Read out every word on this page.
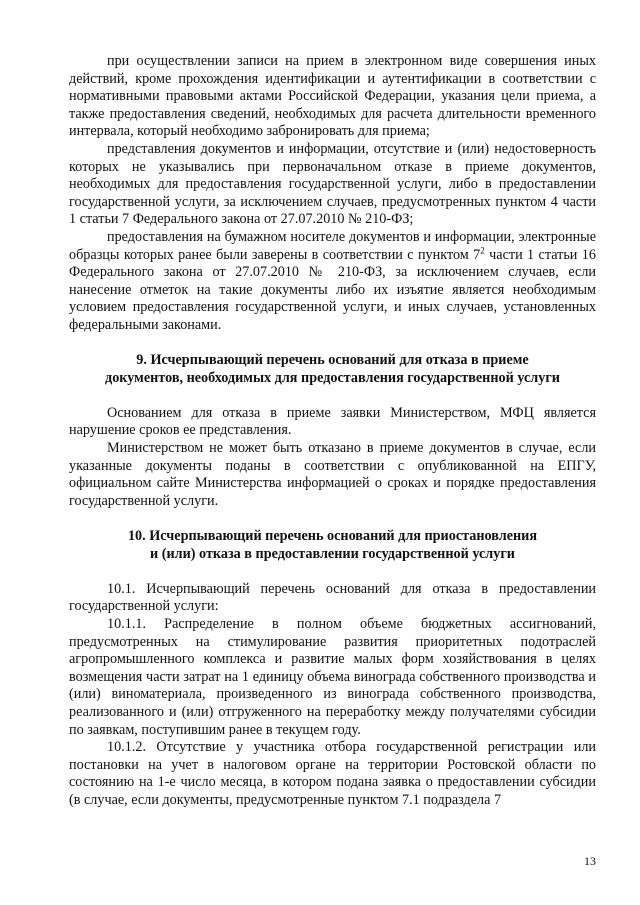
при осуществлении записи на прием в электронном виде совершения иных действий, кроме прохождения идентификации и аутентификации в соответствии с нормативными правовыми актами Российской Федерации, указания цели приема, а также предоставления сведений, необходимых для расчета длительности временного интервала, который необходимо забронировать для приема;

представления документов и информации, отсутствие и (или) недостоверность которых не указывались при первоначальном отказе в приеме документов, необходимых для предоставления государственной услуги, либо в предоставлении государственной услуги, за исключением случаев, предусмотренных пунктом 4 части 1 статьи 7 Федерального закона от 27.07.2010 № 210-ФЗ;

предоставления на бумажном носителе документов и информации, электронные образцы которых ранее были заверены в соответствии с пунктом $7^2$ части 1 статьи 16 Федерального закона от 27.07.2010 № 210-ФЗ, за исключением случаев, если нанесение отметок на такие документы либо их изъятие является необходимым условием предоставления государственной услуги, и иных случаев, установленных федеральными законами.

9. Исчерпывающий перечень оснований для отказа в приеме
документов, необходимых для предоставления государственной услуги

Основанием для отказа в приеме заявки Министерством, МФЦ является нарушение сроков ее представления.

Министерством не может быть отказано в приеме документов в случае, если указанные документы поданы в соответствии с опубликованной на ЕПГУ, официальном сайте Министерства информацией о сроках и порядке предоставления государственной услуги.

10. Исчерпывающий перечень оснований для приостановления
и (или) отказа в предоставлении государственной услуги

10.1. Исчерпывающий перечень оснований для отказа в предоставлении государственной услуги:

10.1.1. Распределение в полном объеме бюджетных ассигнований, предусмотренных на стимулирование развития приоритетных подотраслей агропромышленного комплекса и развитие малых форм хозяйствования в целях возмещения части затрат на 1 единицу объема винограда собственного производства и (или) виноматериала, произведенного из винограда собственного производства, реализованного и (или) отгруженного на переработку между получателями субсидии по заявкам, поступившим ранее в текущем году.

10.1.2. Отсутствие у участника отбора государственной регистрации или постановки на учет в налоговом органе на территории Ростовской области по состоянию на 1-е число месяца, в котором подана заявка о предоставлении субсидии (в случае, если документы, предусмотренные пунктом 7.1 подраздела 7

13
